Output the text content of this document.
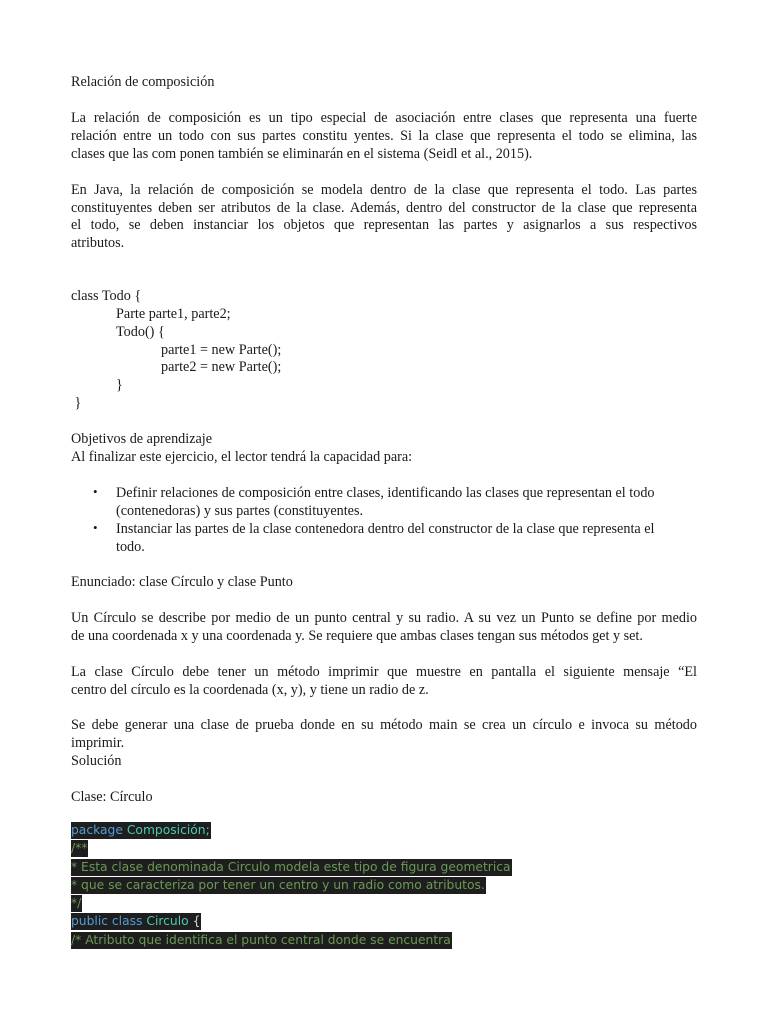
Relación de composición
La relación de composición es un tipo especial de asociación entre clases que representa una fuerte
relación entre un todo con sus partes constitu yentes. Si la clase que representa el todo se elimina, las
clases que las com ponen también se eliminarán en el sistema (Seidl et al., 2015).
En Java, la relación de composición se modela dentro de la clase que representa el todo. Las partes
constituyentes deben ser atributos de la clase. Además, dentro del constructor de la clase que representa
el todo, se deben instanciar los objetos que representan las partes y asignarlos a sus respectivos
atributos.
class Todo {
Parte parte1, parte2;
Todo() {
parte1 = new Parte();
parte2 = new Parte();
}
}
Objetivos de aprendizaje
Al finalizar este ejercicio, el lector tendrá la capacidad para:
• Definir relaciones de composición entre clases, identificando las clases que representan el todo
(contenedoras) y sus partes (constituyentes.
• Instanciar las partes de la clase contenedora dentro del constructor de la clase que representa el
todo.
Enunciado: clase Círculo y clase Punto
Un Círculo se describe por medio de un punto central y su radio. A su vez un Punto se define por medio
de una coordenada x y una coordenada y. Se requiere que ambas clases tengan sus métodos get y set.
La clase Círculo debe tener un método imprimir que muestre en pantalla el siguiente mensaje “El
centro del círculo es la coordenada (x, y), y tiene un radio de z.
Se debe generar una clase de prueba donde en su método main se crea un círculo e invoca su método
imprimir.
Solución
Clase: Círculo
package Composición;
/**
* Esta clase denominada Circulo modela este tipo de figura geometrica
* que se caracteriza por tener un centro y un radio como atributos.
*/
public class Circulo {
/* Atributo que identifica el punto central donde se encuentra
